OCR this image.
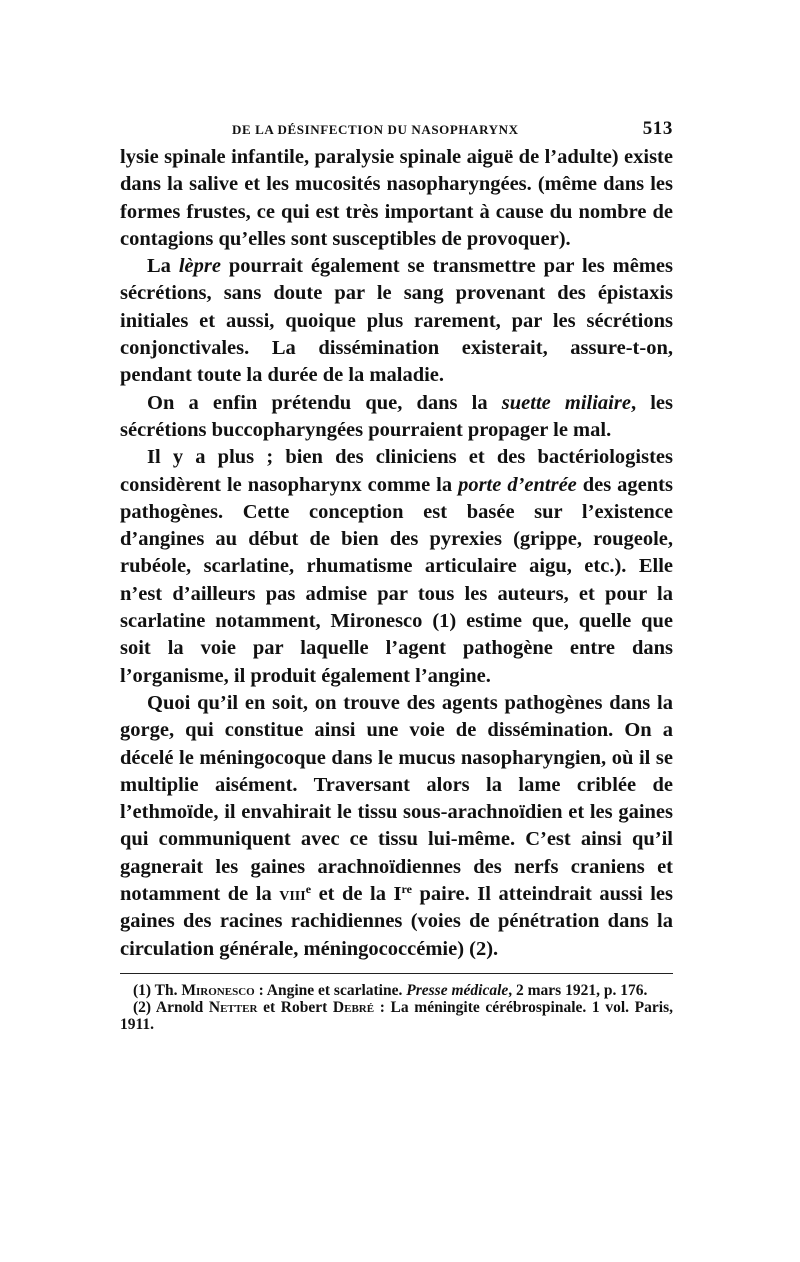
DE LA DÉSINFECTION DU NASOPHARYNX	513

lysie spinale infantile, paralysie spinale aiguë de l’adulte) existe dans la salive et les mucosités nasopharyngées. (même dans les formes frustes, ce qui est très important à cause du nombre de contagions qu’elles sont susceptibles de provoquer).

La lèpre pourrait également se transmettre par les mêmes sécrétions, sans doute par le sang provenant des épistaxis initiales et aussi, quoique plus rarement, par les sécrétions conjonctivales. La dissémination existerait, assure-t-on, pendant toute la durée de la maladie.

On a enfin prétendu que, dans la suette miliaire, les sécrétions buccopharyngées pourraient propager le mal.

Il y a plus ; bien des cliniciens et des bactériologistes considèrent le nasopharynx comme la porte d’entrée des agents pathogènes. Cette conception est basée sur l’existence d’angines au début de bien des pyrexies (grippe, rougeole, rubéole, scarlatine, rhumatisme articulaire aigu, etc.). Elle n’est d’ailleurs pas admise par tous les auteurs, et pour la scarlatine notamment, Mironesco (1) estime que, quelle que soit la voie par laquelle l’agent pathogène entre dans l’organisme, il produit également l’angine.

Quoi qu’il en soit, on trouve des agents pathogènes dans la gorge, qui constitue ainsi une voie de dissémination. On a décelé le méningocoque dans le mucus nasopharyngien, où il se multiplie aisément. Traversant alors la lame criblée de l’ethmoïde, il envahirait le tissu sous-arachnoïdien et les gaines qui communiquent avec ce tissu lui-même. C’est ainsi qu’il gagnerait les gaines arachnoïdiennes des nerfs craniens et notamment de la viii$^e$ et de la Ire paire. Il atteindrait aussi les gaines des racines rachidiennes (voies de pénétration dans la circulation générale, méningococcémie) (2).

(1) Th. Mironesco : Angine et scarlatine. Presse médicale, 2 mars 1921, p. 176.

(2) Arnold Netter et Robert Debré : La méningite cérébrospinale. 1 vol. Paris, 1911.
